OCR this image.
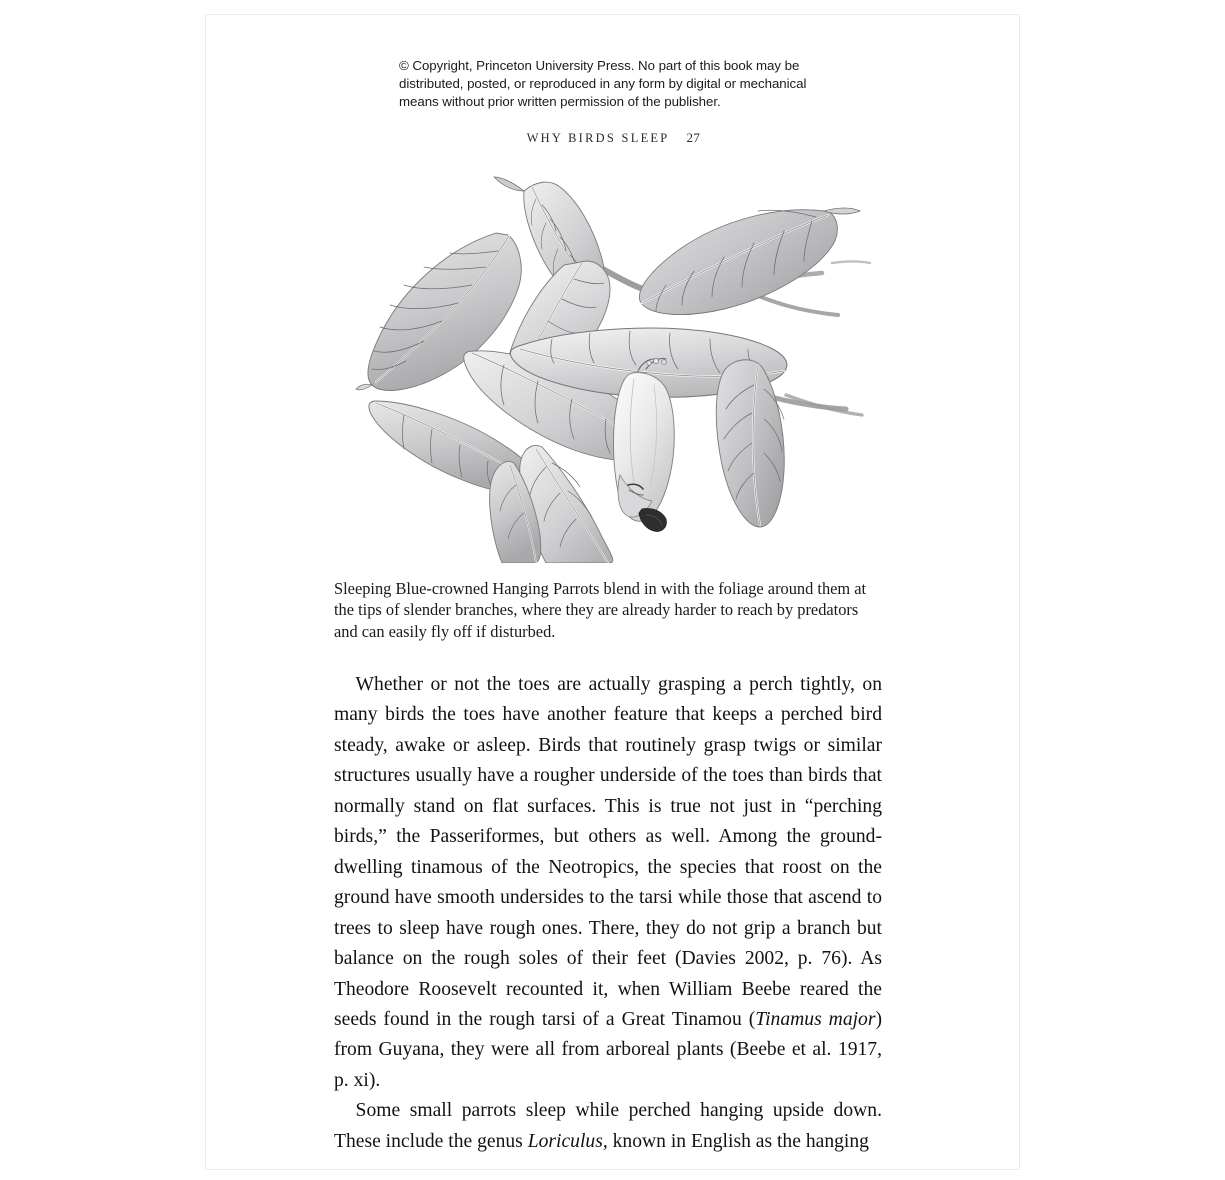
© Copyright, Princeton University Press. No part of this book may be distributed, posted, or reproduced in any form by digital or mechanical means without prior written permission of the publisher.
WHY BIRDS SLEEP 27
Sleeping Blue-crowned Hanging Parrots blend in with the foliage around them at the tips of slender branches, where they are already harder to reach by predators and can easily fly off if disturbed.

Whether or not the toes are actually grasping a perch tightly, on many birds the toes have another feature that keeps a perched bird steady, awake or asleep. Birds that routinely grasp twigs or similar structures usually have a rougher underside of the toes than birds that normally stand on flat surfaces. This is true not just in “perching birds,” the Passeriformes, but others as well. Among the ground-dwelling tinamous of the Neotropics, the species that roost on the ground have smooth undersides to the tarsi while those that ascend to trees to sleep have rough ones. There, they do not grip a branch but balance on the rough soles of their feet (Davies 2002, p. 76). As Theodore Roosevelt recounted it, when William Beebe reared the seeds found in the rough tarsi of a Great Tinamou (Tinamus major) from Guyana, they were all from arboreal plants (Beebe et al. 1917, p. xi).

Some small parrots sleep while perched hanging upside down. These include the genus Loriculus, known in English as the hanging
